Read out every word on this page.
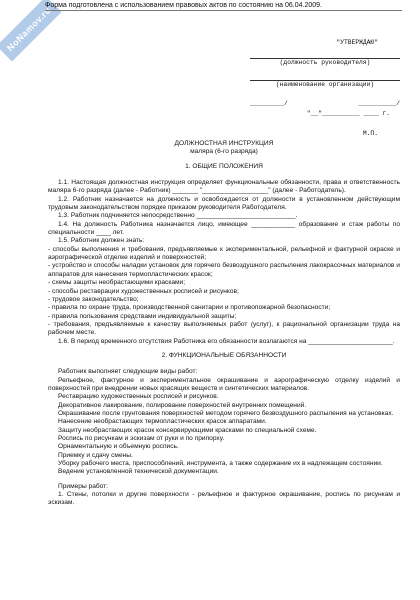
NoNamov.ru
Форма подготовлена с использованием правовых актов по состоянию на 06.04.2009.
"УТВЕРЖДАЮ"
(должность руководителя)
(наименование организации)
_________/	__________/
"__"__________ ____ г.
М.П.
ДОЛЖНОСТНАЯ ИНСТРУКЦИЯ
маляра (6-го разряда)
1. ОБЩИЕ ПОЛОЖЕНИЯ
1.1. Настоящая должностная инструкция определяет функциональные обязанности, права и ответственность маляра 6-го разряда (далее - Работник) _______ "__________________" (далее - Работодатель).
1.2. Работник назначается на должность и освобождается от должности в установленном действующим трудовым законодательством порядке приказом руководителя Работодателя.
1.3. Работник подчиняется непосредственно ___________________________.
1.4. На должность Работника назначается лицо, имеющее ____________ образование и стаж работы по специальности ____ лет.
1.5. Работник должен знать:
- способы выполнения и требования, предъявляемые к экспериментальной, рельефной и фактурной окраске и аэрографической отделке изделий и поверхностей;
- устройство и способы наладки установок для горячего безвоздушного распыления лакокрасочных материалов и аппаратов для нанесения термопластических красок;
- схемы защиты необрастающими красками;
- способы реставрации художественных росписей и рисунков;
- трудовое законодательство;
- правила по охране труда, производственной санитарии и противопожарной безопасности;
- правила пользования средствами индивидуальной защиты;
- требования, предъявляемые к качеству выполняемых работ (услуг), к рациональной организации труда на рабочем месте.
1.6. В период временного отсутствия Работника его обязанности возлагаются на _______________________.
2. ФУНКЦИОНАЛЬНЫЕ ОБЯЗАННОСТИ
Работник выполняет следующие виды работ:
Рельефное, фактурное и экспериментальное окрашивание и аэрографическую отделку изделий и поверхностей при внедрении новых красящих веществ и синтетических материалов.
Реставрацию художественных росписей и рисунков.
Декоративное лакирование, полирование поверхностей внутренних помещений.
Окрашивание после грунтования поверхностей методом горячего безвоздушного распыления на установках.
Нанесение необрастающих термопластических красок аппаратами.
Защиту необрастающих красок консервирующими красками по специальной схеме.
Роспись по рисункам и эскизам от руки и по припорху.
Орнаментальную и объемную роспись.
Приемку и сдачу смены.
Уборку рабочего места, приспособлений, инструмента, а также содержание их в надлежащем состоянии.
Ведение установленной технической документации.
Примеры работ:
1. Стены, потолки и другие поверхности - рельефное и фактурное окрашивание, роспись по рисункам и эскизам.
